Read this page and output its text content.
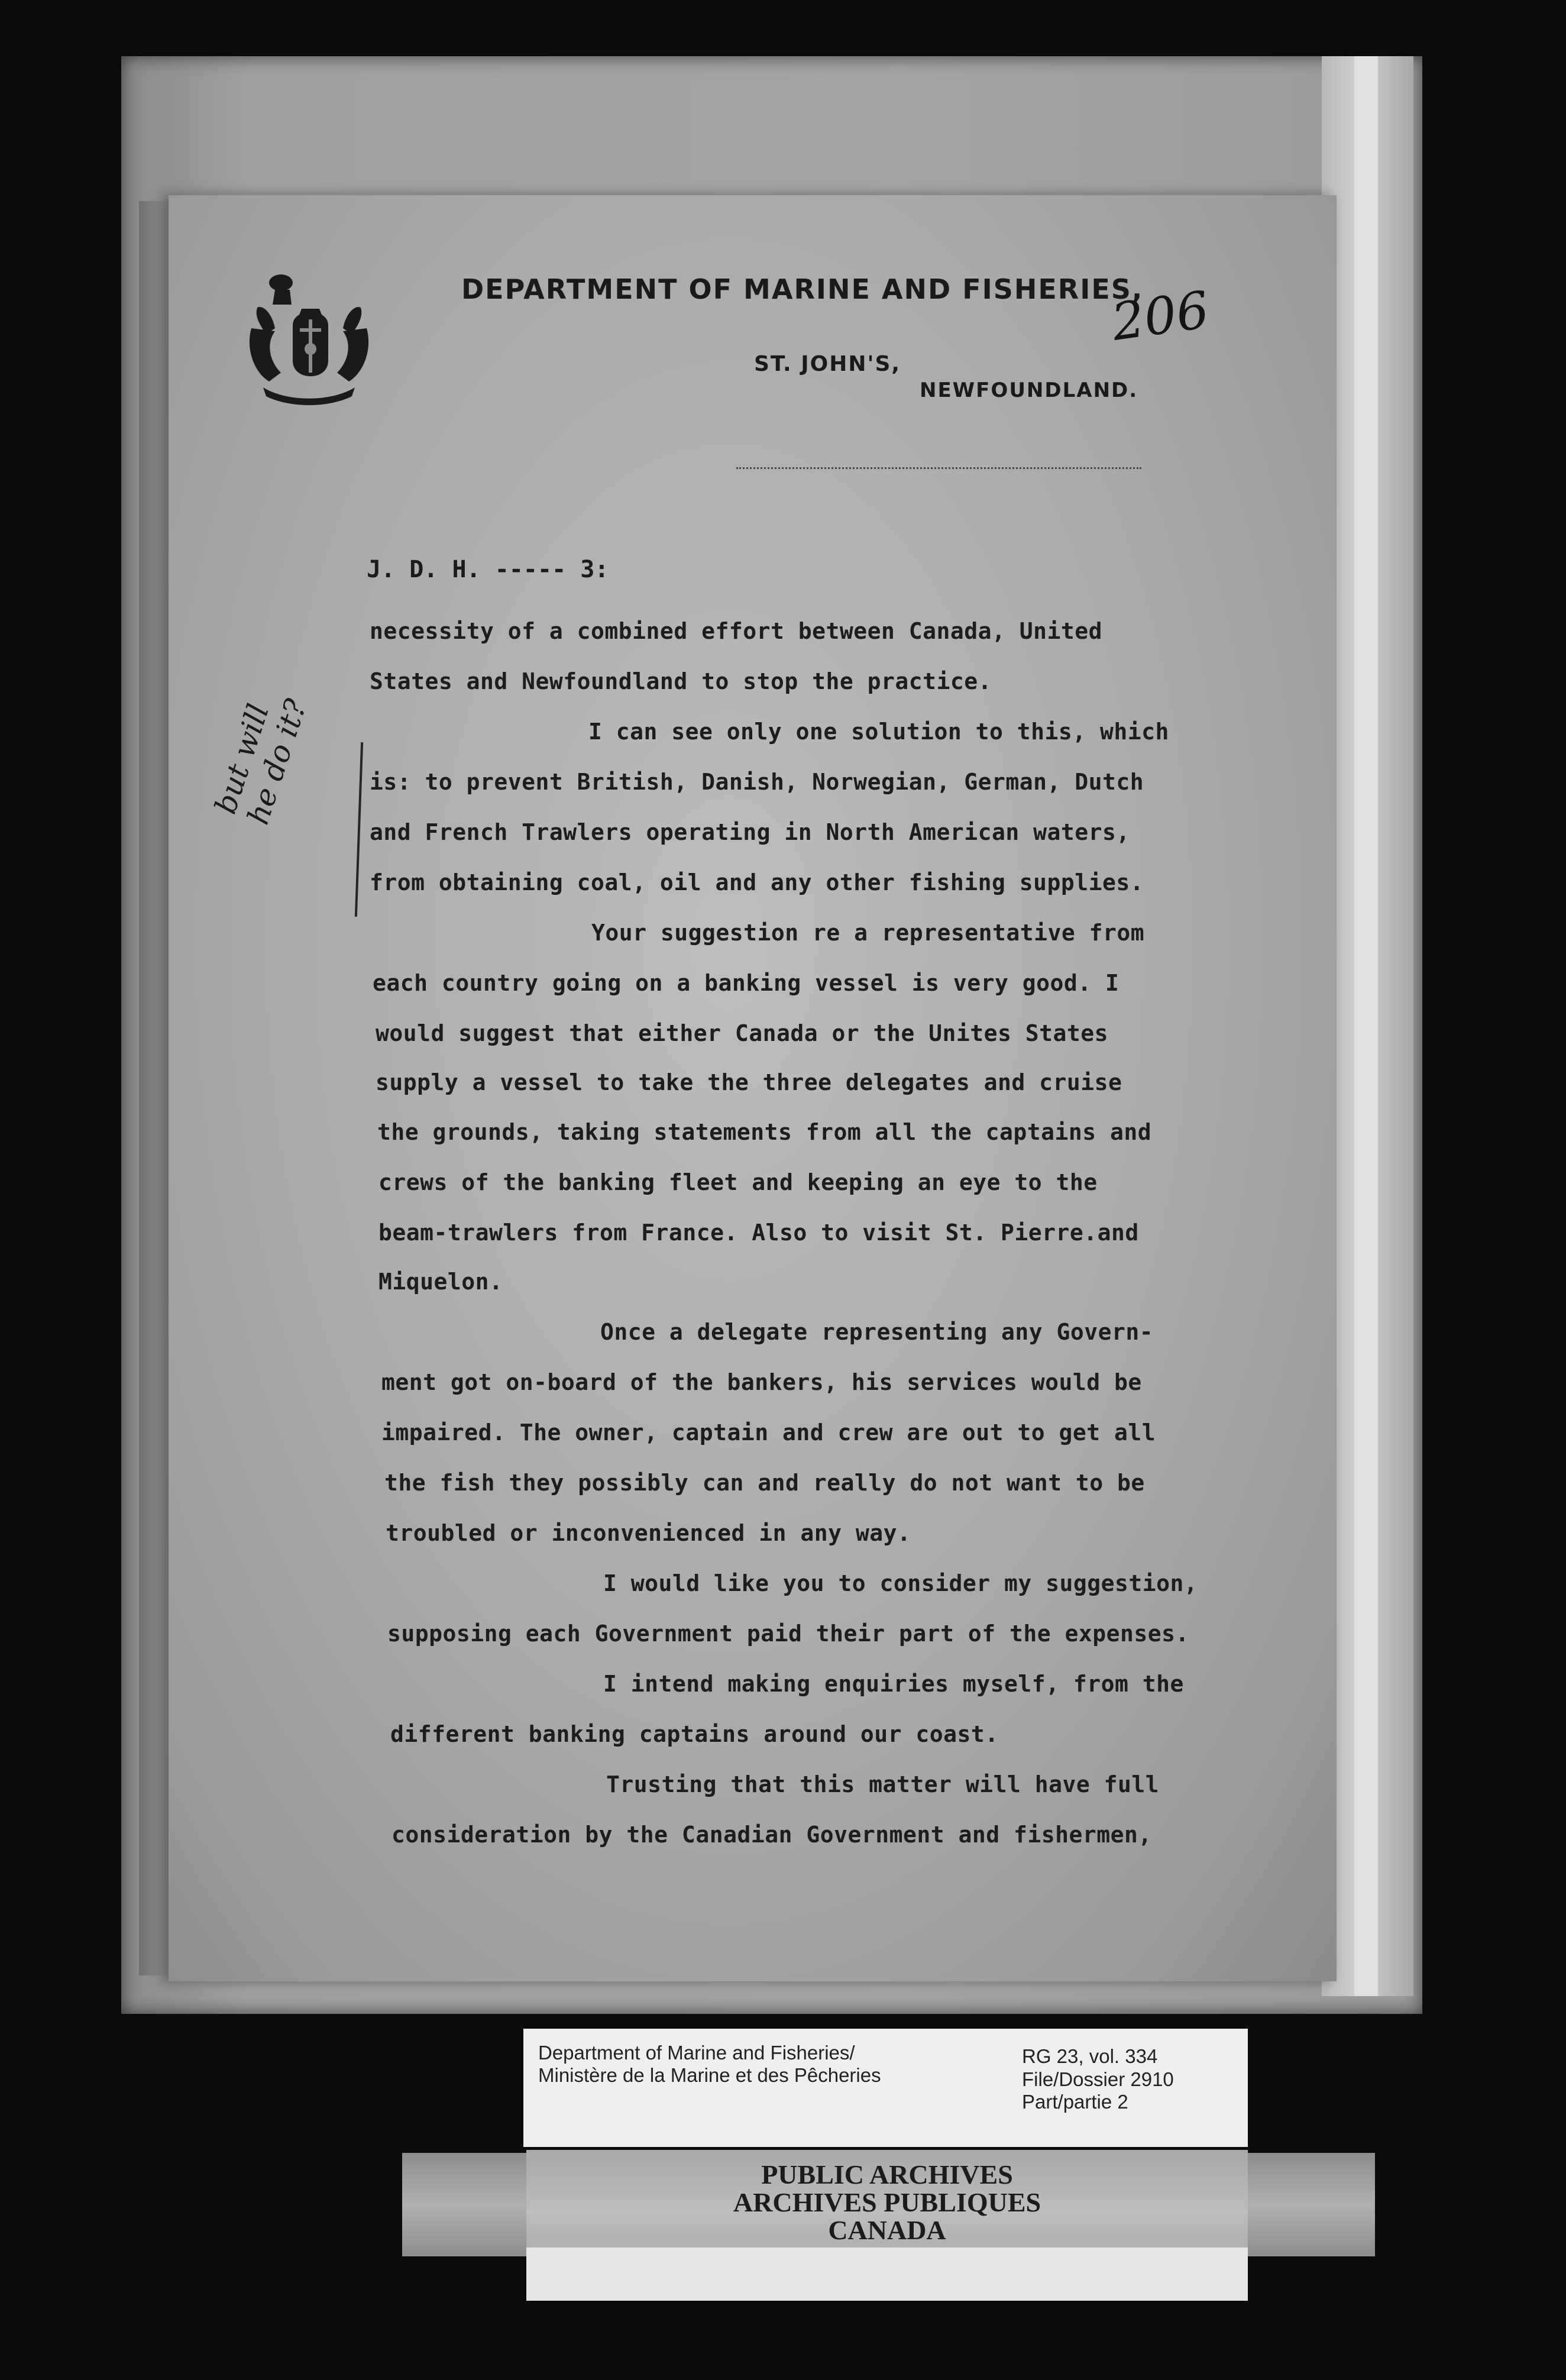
DEPARTMENT OF MARINE AND FISHERIES,
ST. JOHN'S,
NEWFOUNDLAND.
206
J. D. H. ----- 3:
necessity of a combined effort between Canada, United
States and Newfoundland to stop the practice.
I can see only one solution to this, which
is: to prevent British, Danish, Norwegian, German, Dutch
and French Trawlers operating in North American waters,
from obtaining coal, oil and any other fishing supplies.
Your suggestion re a representative from
each country going on a banking vessel is very good. I
would suggest that either Canada or the Unites States
supply a vessel to take the three delegates and cruise
the grounds, taking statements from all the captains and
crews of the banking fleet and keeping an eye to the
beam-trawlers from France. Also to visit St. Pierre.and
Miquelon.
Once a delegate representing any Govern-
ment got on-board of the bankers, his services would be
impaired. The owner, captain and crew are out to get all
the fish they possibly can and really do not want to be
troubled or inconvenienced in any way.
I would like you to consider my suggestion,
supposing each Government paid their part of the expenses.
I intend making enquiries myself, from the
different banking captains around our coast.
Trusting that this matter will have full
consideration by the Canadian Government and fishermen,
but will
he do it?
Department of Marine and Fisheries/
Ministère de la Marine et des Pêcheries
RG 23, vol. 334
File/Dossier 2910
Part/partie 2
PUBLIC ARCHIVES
ARCHIVES PUBLIQUES
CANADA
